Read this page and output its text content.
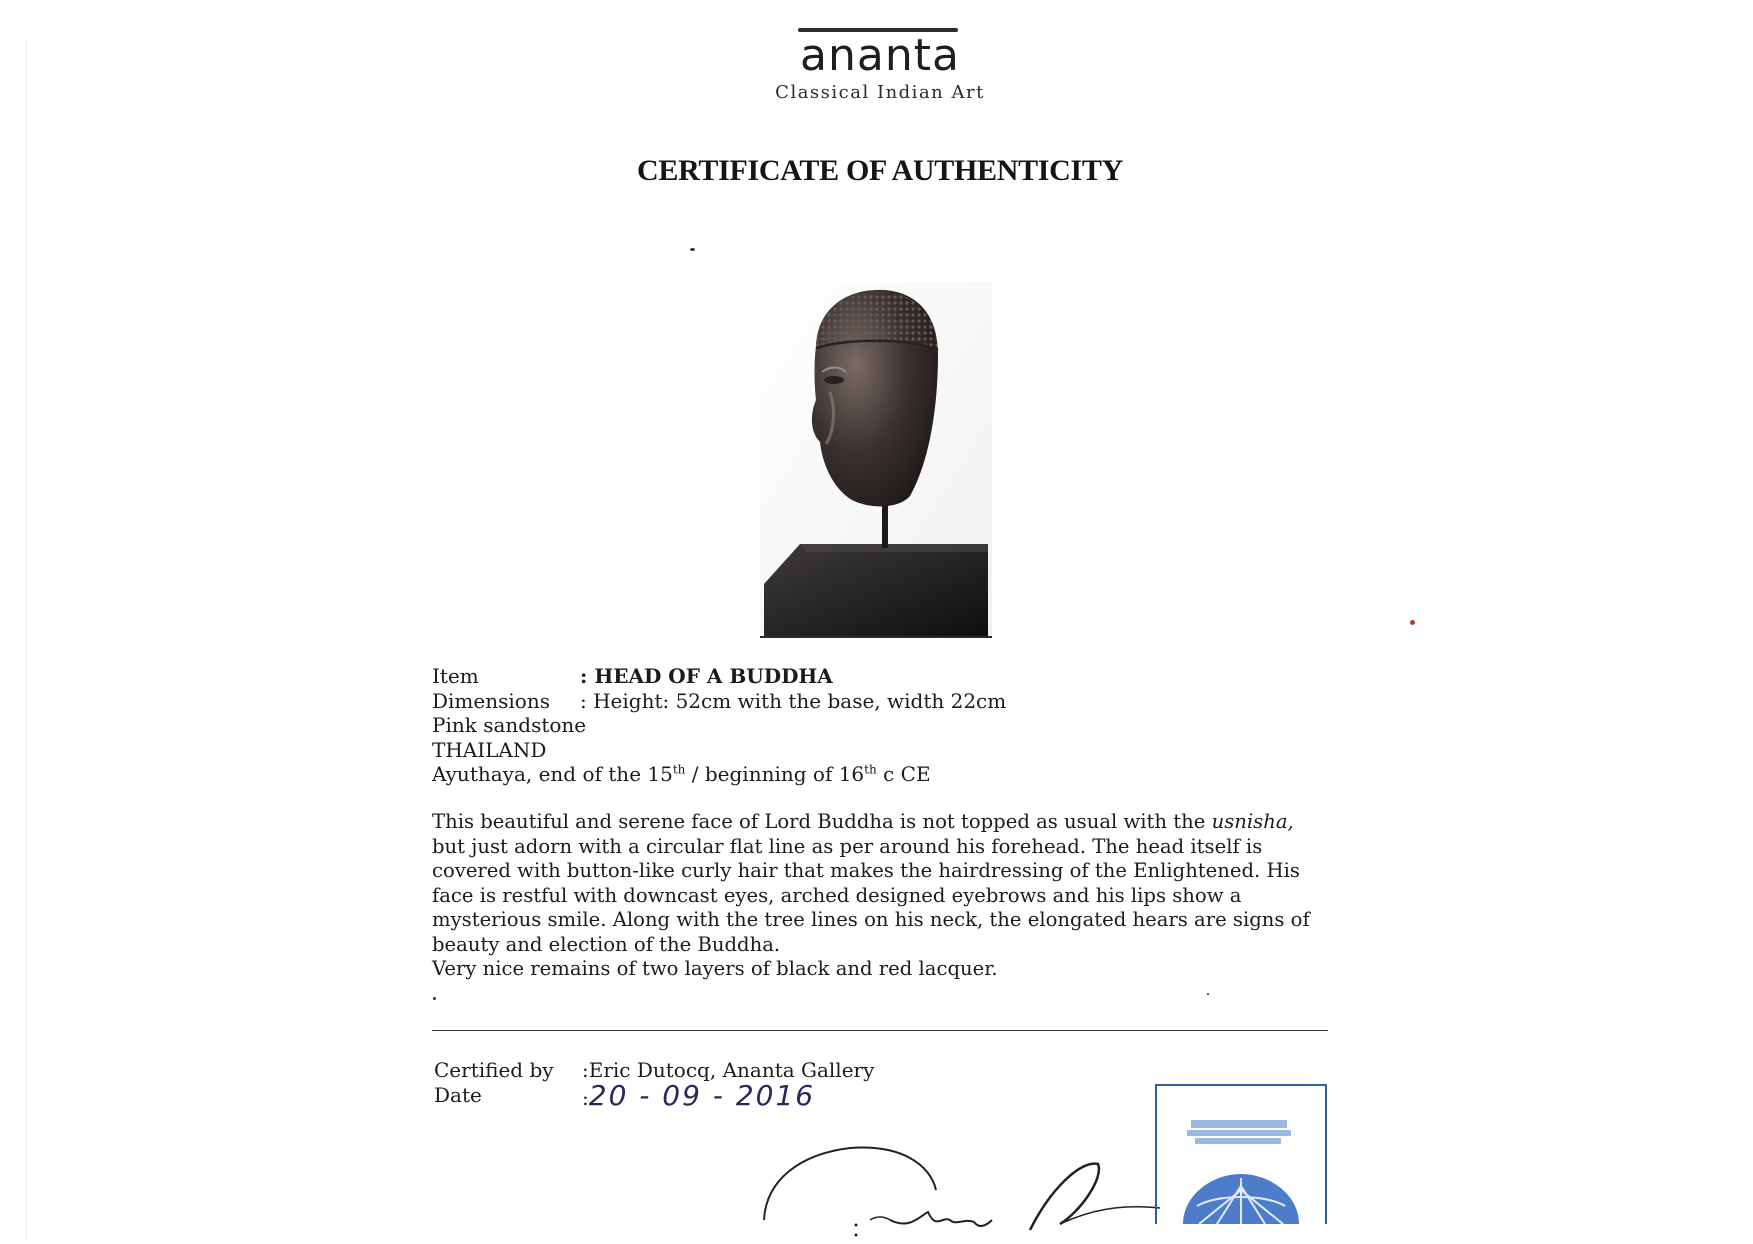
ananta
Classical Indian Art
CERTIFICATE OF AUTHENTICITY
Item	: HEAD OF A BUDDHA
Dimensions	: Height: 52cm with the base, width 22cm
Pink sandstone
THAILAND
Ayuthaya, end of the 15th / beginning of 16th c CE

This beautiful and serene face of Lord Buddha is not topped as usual with the usnisha, but just adorn with a circular flat line as per around his forehead. The head itself is covered with button-like curly hair that makes the hairdressing of the Enlightened. His face is restful with downcast eyes, arched designed eyebrows and his lips show a mysterious smile. Along with the tree lines on his neck, the elongated hears are signs of beauty and election of the Buddha.

Very nice remains of two layers of black and red lacquer.

Certified by	:Eric Dutocq, Ananta Gallery
Date	:20 - 09 - 2016
